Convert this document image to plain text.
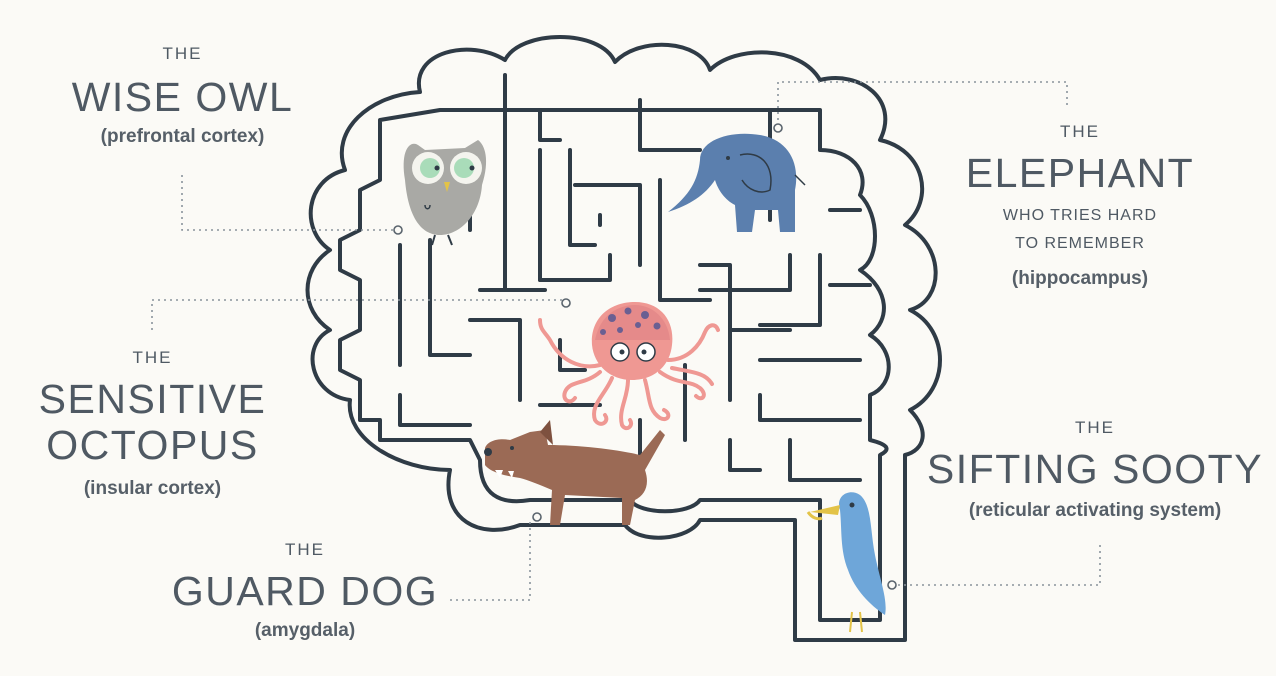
THE
WISE OWL
(prefrontal cortex)	THE
ELEPHANT
WHO TRIES HARD
TO REMEMBER
(hippocampus)
THE
SENSITIVE
OCTOPUS
(insular cortex)
THE
SIFTING SOOTY
(reticular activating system)
THE
GUARD DOG
(amygdala)
